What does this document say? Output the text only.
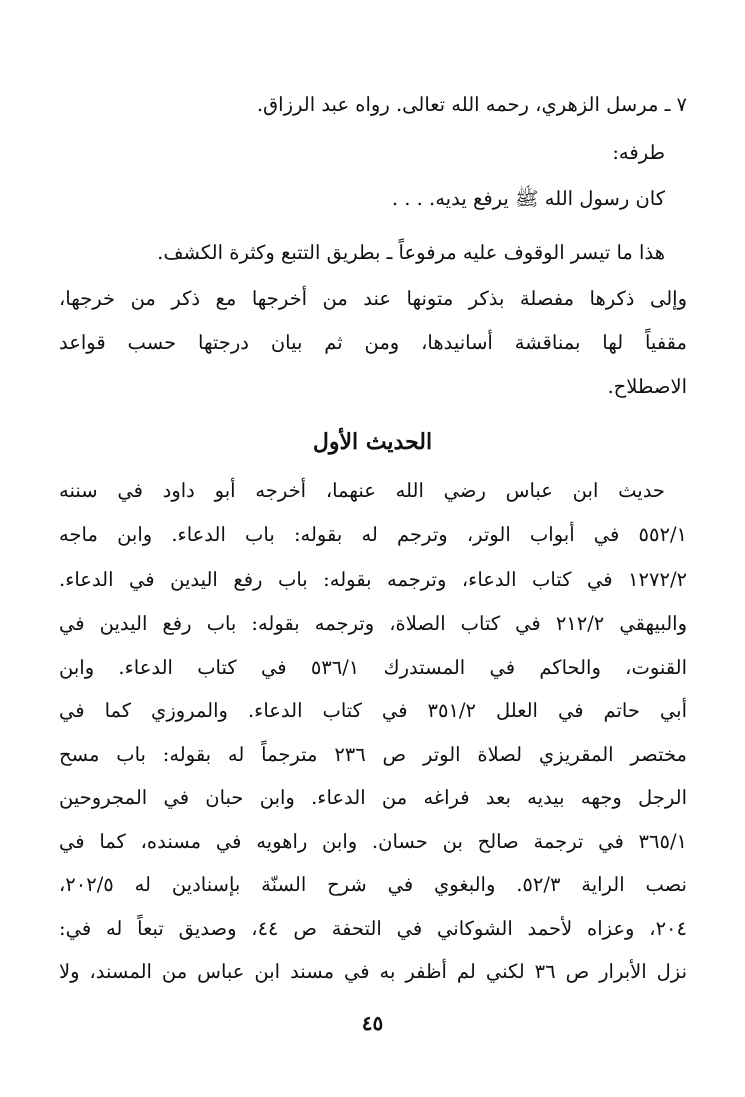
٧ ـ مرسل الزهري، رحمه الله تعالى. رواه عبد الرزاق.
طرفه:
كان رسول الله ﷺ يرفع يديه. . . .
هذا ما تيسر الوقوف عليه مرفوعاً ـ بطريق التتبع وكثرة الكشف.
وإلى ذكرها مفصلة بذكر متونها عند من أخرجها مع ذكر من خرجها،
مقفياً لها بمناقشة أسانيدها، ومن ثم بيان درجتها حسب قواعد
الاصطلاح.
الحديث الأول
حديث ابن عباس رضي الله عنهما، أخرجه أبو داود في سننه
٥٥٢/١ في أبواب الوتر، وترجم له بقوله: باب الدعاء. وابن ماجه
١٢٧٢/٢ في كتاب الدعاء، وترجمه بقوله: باب رفع اليدين في الدعاء.
والبيهقي ٢١٢/٢ في كتاب الصلاة، وترجمه بقوله: باب رفع اليدين في
القنوت، والحاكم في المستدرك ٥٣٦/١ في كتاب الدعاء. وابن
أبي حاتم في العلل ٣٥١/٢ في كتاب الدعاء. والمروزي كما في
مختصر المقريزي لصلاة الوتر ص ٢٣٦ مترجماً له بقوله: باب مسح
الرجل وجهه بيديه بعد فراغه من الدعاء. وابن حبان في المجروحين
٣٦٥/١ في ترجمة صالح بن حسان. وابن راهويه في مسنده، كما في
نصب الراية ٥٢/٣. والبغوي في شرح السنّة بإسنادين له ٢٠٢/٥،
٢٠٤، وعزاه لأحمد الشوكاني في التحفة ص ٤٤، وصديق تبعاً له في:
نزل الأبرار ص ٣٦ لكني لم أظفر به في مسند ابن عباس من المسند، ولا
٤٥
